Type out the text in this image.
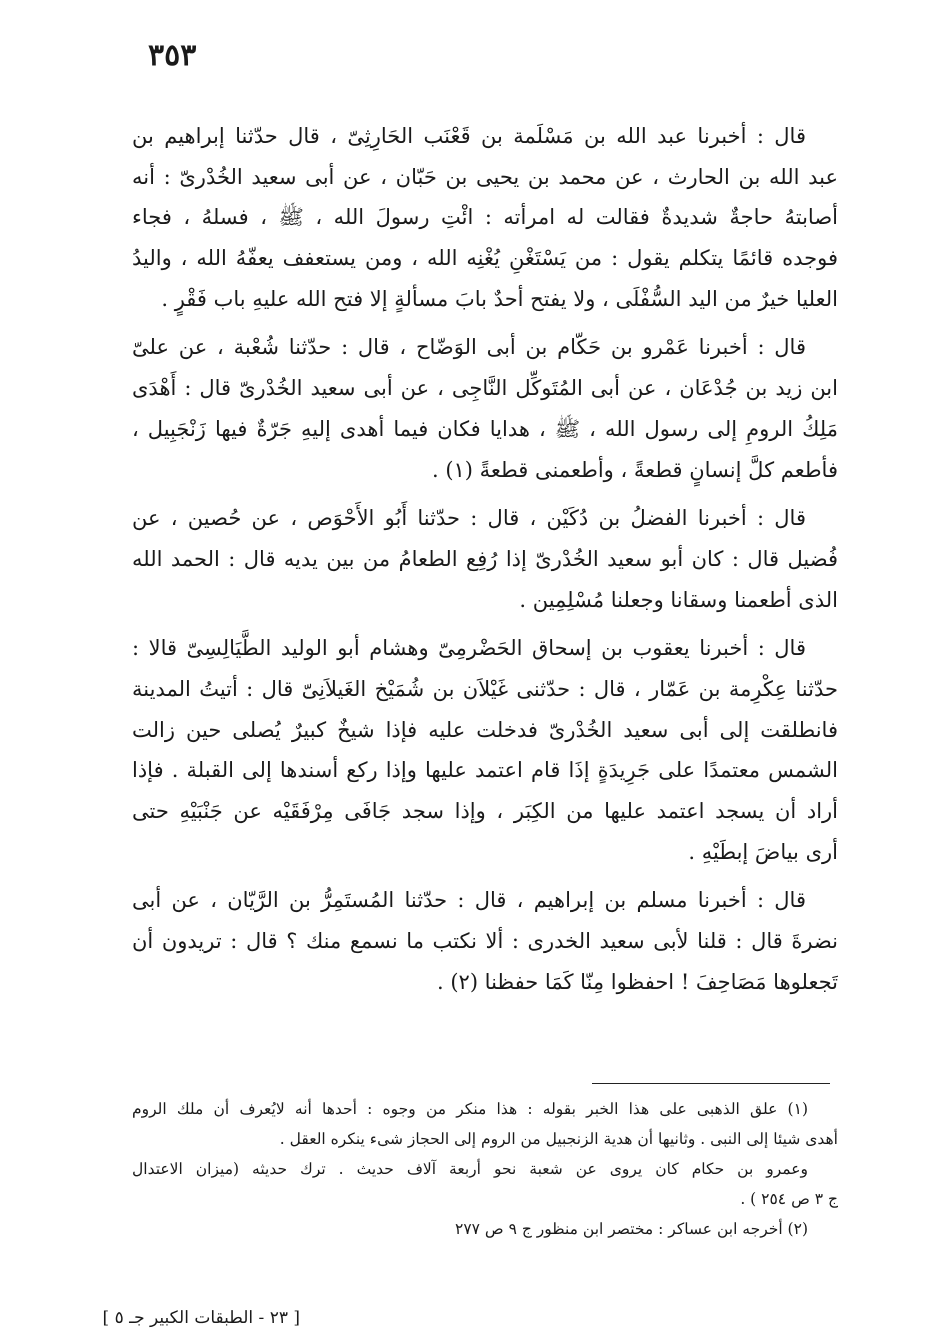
٣٥٣
قال : أخبرنا عبد الله بن مَسْلَمة بن قَعْنَب الحَارِثِىّ ، قال حدّثنا إبراهيم بن
عبد الله بن الحارث ، عن محمد بن يحيى بن حَبّان ، عن أبى سعيد الخُدْرىّ : أنه
أصابتهُ حاجةٌ شديدةٌ فقالت له امرأته : ائْتِ رسولَ الله ، ﷺ ، فسلهُ ، فجاء
فوجده قائمًا يتكلم يقول : من يَسْتَغْنِ يُغْنِه الله ، ومن يستعفف يعفّهُ الله ، واليدُ
العليا خيرٌ من اليد السُّفْلَى ، ولا يفتح أحدٌ بابَ مسألةٍ إلا فتح الله عليهِ باب فَقْرٍ .
قال : أخبرنا عَمْرو بن حَكّام بن أبى الوَضّاح ، قال : حدّثنا شُعْبة ، عن علىّ
ابن زيد بن جُدْعَان ، عن أبى المُتَوكِّل النَّاجِى ، عن أبى سعيد الخُدْرىّ قال : أَهْدَى
مَلِكُ الرومِ إلى رسول الله ، ﷺ ، هدايا فكان فيما أهدى إليهِ جَرّةٌ فيها زَنْجَبِيل ،
فأطعم كلَّ إنسانٍ قطعةً ، وأطعمنى قطعةً (١) .
قال : أخبرنا الفضلُ بن دُكَيْن ، قال : حدّثنا أَبُو الأَحْوَص ، عن حُصين ، عن
فُضيل قال : كان أبو سعيد الخُدْرىّ إذا رُفِع الطعامُ من بين يديه قال : الحمد الله
الذى أطعمنا وسقانا وجعلنا مُسْلِمِين .
قال : أخبرنا يعقوب بن إسحاق الحَضْرمِىّ وهشام أبو الوليد الطَّيَالِسِىّ قالا :
حدّثنا عِكْرِمة بن عَمّار ، قال : حدّثنى غَيْلاَن بن شُمَيْخ الغَيلاَنِىّ قال : أتيتُ المدينة
فانطلقت إلى أبى سعيد الخُدْرىّ فدخلت عليه فإذا شيخٌ كبيرٌ يُصلى حين زالت
الشمس معتمدًا على جَرِيدَةٍ إذَا قام اعتمد عليها وإذا ركع أسندها إلى القبلة . فإذا
أراد أن يسجد اعتمد عليها من الكِبَر ، وإذا سجد جَافَى مِرْفَقَيْه عن جَنْبَيْهِ حتى
أرى بياضَ إبطَيْهِ .
قال : أخبرنا مسلم بن إبراهيم ، قال : حدّثنا المُستَمِرُّ بن الرَّيّان ، عن أبى
نضرةَ قال : قلنا لأبى سعيد الخدرى : ألا نكتب ما نسمع منك ؟ قال : تريدون أن
تَجعلوها مَصَاحِفَ ! احفظوا مِنّا كَمَا حفظنا (٢) .
(١) علق الذهبى على هذا الخبر بقوله : هذا منكر من وجوه : أحدها أنه لايُعرف أن ملك الروم
أهدى شيئا إلى النبى . وثانيها أن هدية الزنجبيل من الروم إلى الحجاز شىء ينكره العقل .
وعمرو بن حكام كان يروى عن شعبة نحو أربعة آلاف حديث . ترك حديثه (ميزان الاعتدال
ج ٣ ص ٢٥٤ ) .
(٢) أخرجه ابن عساكر : مختصر ابن منظور ج ٩ ص ٢٧٧
[ ٢٣ - الطبقات الكبير جـ ٥ ]
